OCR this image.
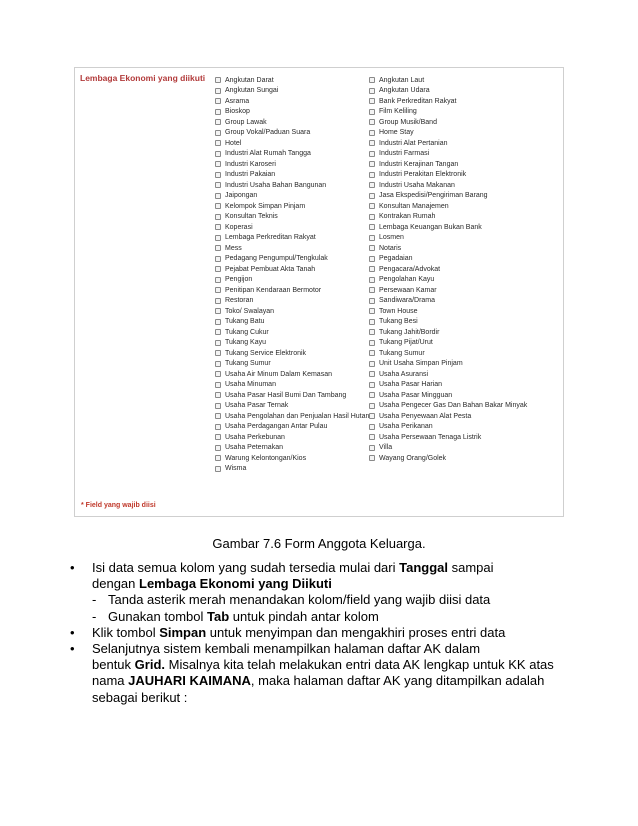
Lembaga Ekonomi yang diikuti	Angkutan Darat
Angkutan Sungai
Asrama
Bioskop
Group Lawak
Group Vokal/Paduan Suara
Hotel
Industri Alat Rumah Tangga
Industri Karoseri
Industri Pakaian
Industri Usaha Bahan Bangunan
Jaipongan
Kelompok Simpan Pinjam
Konsultan Teknis
Koperasi
Lembaga Perkreditan Rakyat
Mess
Pedagang Pengumpul/Tengkulak
Pejabat Pembuat Akta Tanah
Pengijon
Penitipan Kendaraan Bermotor
Restoran
Toko/ Swalayan
Tukang Batu
Tukang Cukur
Tukang Kayu
Tukang Service Elektronik
Tukang Sumur
Usaha Air Minum Dalam Kemasan
Usaha Minuman
Usaha Pasar Hasil Bumi Dan Tambang
Usaha Pasar Ternak
Usaha Pengolahan dan Penjualan Hasil Hutan
Usaha Perdagangan Antar Pulau
Usaha Perkebunan
Usaha Peternakan
Warung Kelontongan/Kios
Wisma
Angkutan Laut
Angkutan Udara
Bank Perkreditan Rakyat
Film Keliling
Group Musik/Band
Home Stay
Industri Alat Pertanian
Industri Farmasi
Industri Kerajinan Tangan
Industri Perakitan Elektronik
Industri Usaha Makanan
Jasa Ekspedisi/Pengiriman Barang
Konsultan Manajemen
Kontrakan Rumah
Lembaga Keuangan Bukan Bank
Losmen
Notaris
Pegadaian
Pengacara/Advokat
Pengolahan Kayu
Persewaan Kamar
Sandiwara/Drama
Town House
Tukang Besi
Tukang Jahit/Bordir
Tukang Pijat/Urut
Tukang Sumur
Unit Usaha Simpan Pinjam
Usaha Asuransi
Usaha Pasar Harian
Usaha Pasar Mingguan
Usaha Pengecer Gas Dan Bahan Bakar Minyak
Usaha Penyewaan Alat Pesta
Usaha Perikanan
Usaha Persewaan Tenaga Listrik
Villa
Wayang Orang/Golek
* Field yang wajib diisi
Gambar 7.6 Form Anggota Keluarga.
• Isi data semua kolom yang sudah tersedia mulai dari Tanggal sampai
dengan Lembaga Ekonomi yang Diikuti
- Tanda asterik merah menandakan kolom/field yang wajib diisi data
- Gunakan tombol Tab untuk pindah antar kolom
• Klik tombol Simpan untuk menyimpan dan mengakhiri proses entri data
• Selanjutnya sistem kembali menampilkan halaman daftar AK dalam
bentuk Grid. Misalnya kita telah melakukan entri data AK lengkap untuk KK atas
nama JAUHARI KAIMANA, maka halaman daftar AK yang ditampilkan adalah
sebagai berikut :
